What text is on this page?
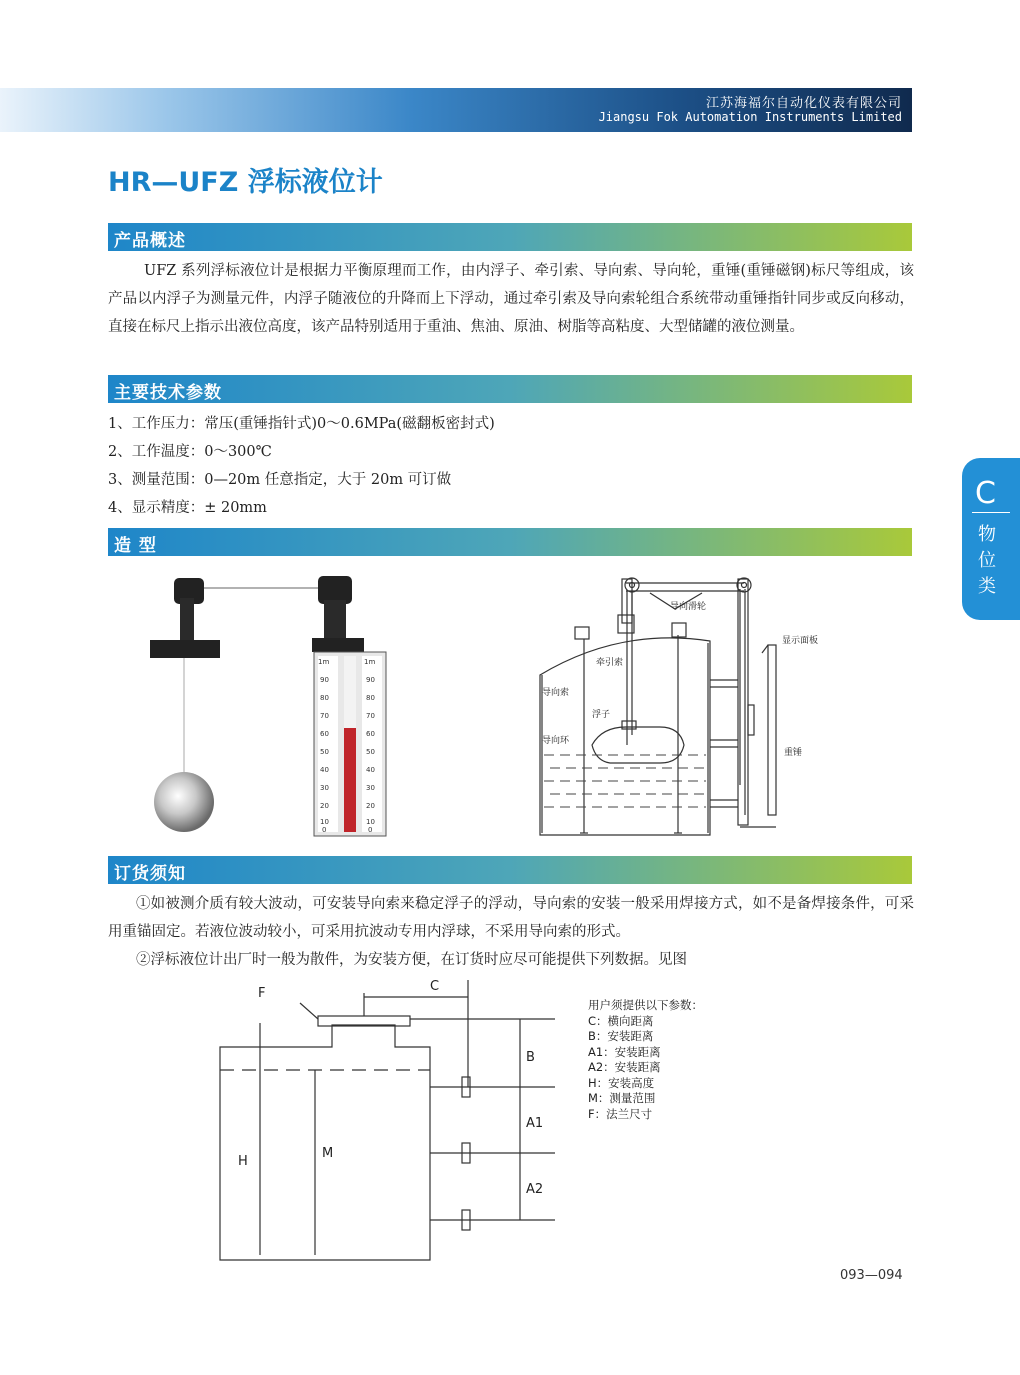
江苏海福尔自动化仪表有限公司
Jiangsu Fok Automation Instruments Limited
HR—UFZ 浮标液位计
产品概述
UFZ 系列浮标液位计是根据力平衡原理而工作，由内浮子、牵引索、导向索、导向轮，重锤(重锤磁钢)标尺等组成，该产品以内浮子为测量元件，内浮子随液位的升降而上下浮动，通过牵引索及导向索轮组合系统带动重锤指针同步或反向移动，直接在标尺上指示出液位高度，该产品特别适用于重油、焦油、原油、树脂等高粘度、大型储罐的液位测量。
主要技术参数
1、工作压力：常压(重锤指针式)0～0.6MPa(磁翻板密封式)
2、工作温度：0～300℃
3、测量范围：0—20m 任意指定，大于 20m 可订做
4、显示精度：± 20mm
造 型
1m	1m
90	90
80	80
70	70
60	60
50	50
40	40
30	30
20	20
10	10
0	0
导向滑轮
显示面板
牵引索
导向索
浮子
导向环
重锤
订货须知
①如被测介质有较大波动，可安装导向索来稳定浮子的浮动，导向索的安装一般采用焊接方式，如不是备焊接条件，可采用重锚固定。若液位波动较小，可采用抗波动专用内浮球，不采用导向索的形式。
②浮标液位计出厂时一般为散件，为安装方便，在订货时应尽可能提供下列数据。见图
F	C
B
A1
A2
H
M
用户须提供以下参数：
C：横向距离
B：安装距离
A1：安装距离
A2：安装距离
H：安装高度
M：测量范围
F：法兰尺寸
C
物
位
类
093—094
